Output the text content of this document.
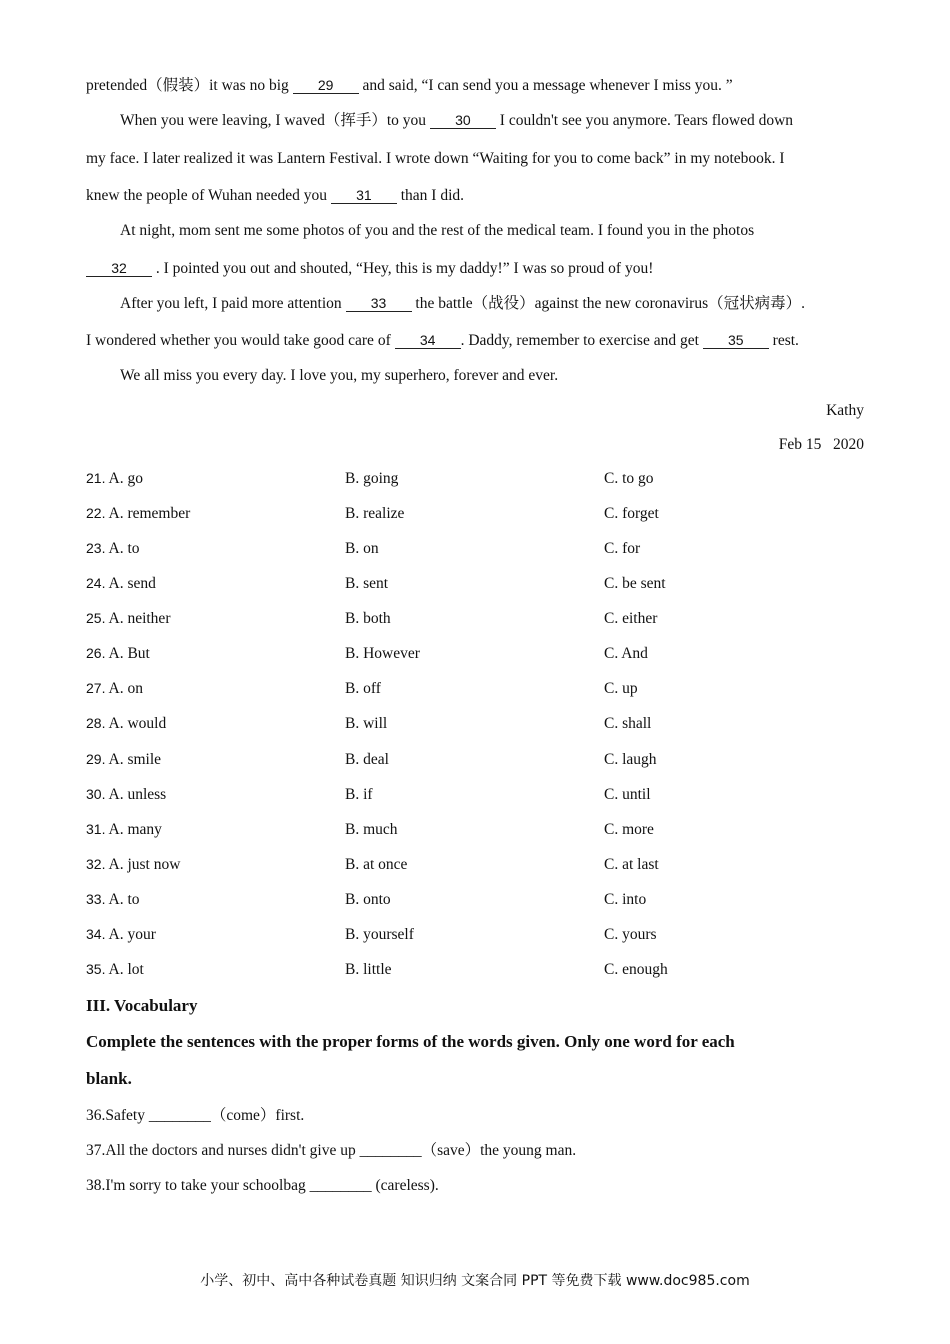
pretended（假装）it was no big 29 and said, “I can send you a message whenever I miss you. ”
When you were leaving, I waved（挥手）to you 30 I couldn't see you anymore. Tears flowed down
my face. I later realized it was Lantern Festival. I wrote down “Waiting for you to come back” in my notebook. I
knew the people of Wuhan needed you 31 than I did.
At night, mom sent me some photos of you and the rest of the medical team. I found you in the photos
32 . I pointed you out and shouted, “Hey, this is my daddy!” I was so proud of you!
After you left, I paid more attention 33 the battle（战役）against the new coronavirus（冠状病毒）.
I wondered whether you would take good care of 34 . Daddy, remember to exercise and get 35 rest.
We all miss you every day. I love you, my superhero, forever and ever.
Kathy
Feb 15   2020
21. A. go	B. going	C. to go
22. A. remember	B. realize	C. forget
23. A. to	B. on	C. for
24. A. send	B. sent	C. be sent
25. A. neither	B. both	C. either
26. A. But	B. However	C. And
27. A. on	B. off	C. up
28. A. would	B. will	C. shall
29. A. smile	B. deal	C. laugh
30. A. unless	B. if	C. until
31. A. many	B. much	C. more
32. A. just now	B. at once	C. at last
33. A. to	B. onto	C. into
34. A. your	B. yourself	C. yours
35. A. lot	B. little	C. enough
III. Vocabulary
Complete the sentences with the proper forms of the words given. Only one word for each
blank.
36.Safety ________（come）first.
37.All the doctors and nurses didn't give up ________（save）the young man.
38.I'm sorry to take your schoolbag ________ (careless).
小学、初中、高中各种试卷真题 知识归纳 文案合同 PPT 等免费下载 www.doc985.com
